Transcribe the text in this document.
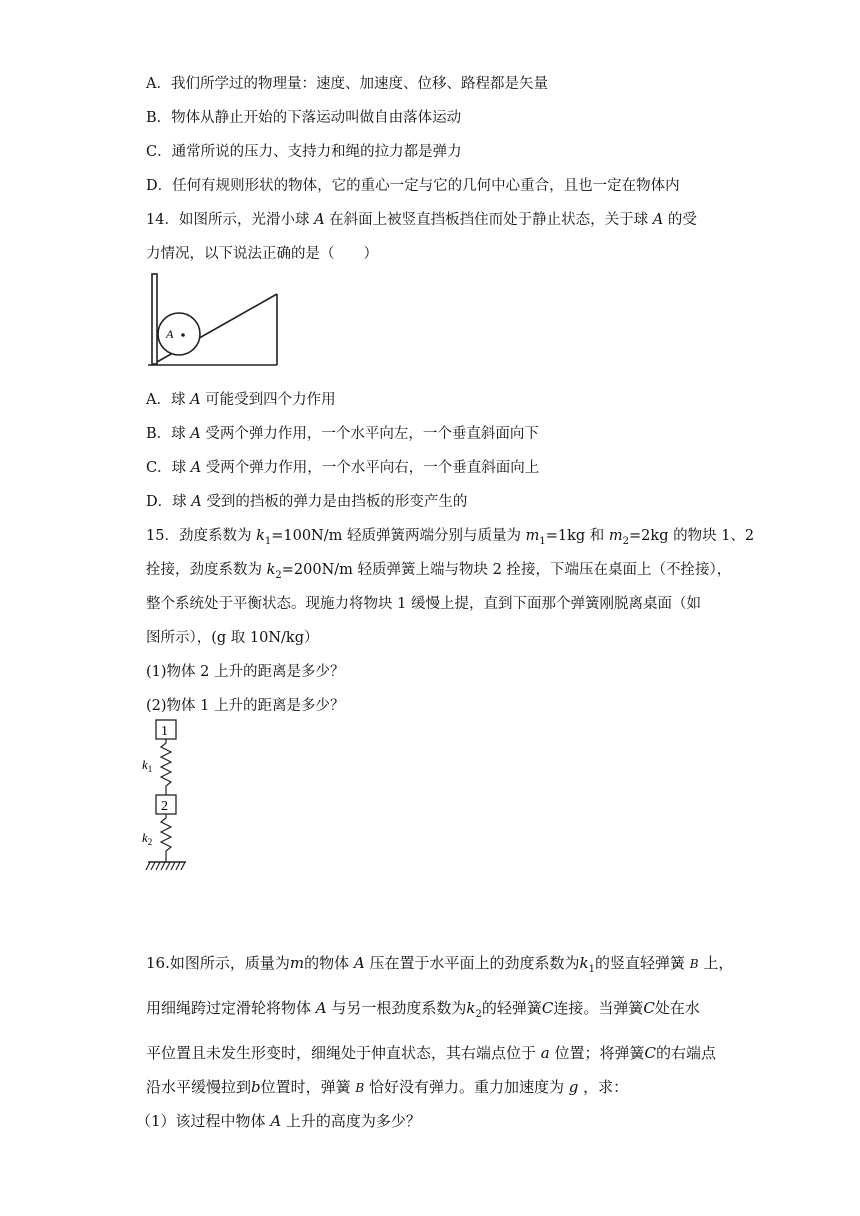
A．我们所学过的物理量：速度、加速度、位移、路程都是矢量
B．物体从静止开始的下落运动叫做自由落体运动
C．通常所说的压力、支持力和绳的拉力都是弹力
D．任何有规则形状的物体，它的重心一定与它的几何中心重合，且也一定在物体内
14．如图所示，光滑小球 A 在斜面上被竖直挡板挡住而处于静止状态，关于球 A 的受
力情况，以下说法正确的是（　　）
A
A．球 A 可能受到四个力作用
B．球 A 受两个弹力作用，一个水平向左，一个垂直斜面向下
C．球 A 受两个弹力作用，一个水平向右，一个垂直斜面向上
D．球 A 受到的挡板的弹力是由挡板的形变产生的
15．劲度系数为 $k_1=100N/m$ 轻质弹簧两端分别与质量为 $m_1=1kg$ 和 $m_2=2kg$ 的物块 1、2
拴接，劲度系数为 $k_2=200N/m$ 轻质弹簧上端与物块 2 拴接，下端压在桌面上（不拴接），
整个系统处于平衡状态。现施力将物块 1 缓慢上提，直到下面那个弹簧刚脱离桌面（如
图所示），(g 取 10N/kg）
(1)物体 2 上升的距离是多少？
(2)物体 1 上升的距离是多少？
1
$k_1$
2
$k_2$
16.如图所示，质量为m的物体 A 压在置于水平面上的劲度系数为$k_1$的竖直轻弹簧 B 上，
用细绳跨过定滑轮将物体 A 与另一根劲度系数为$k_2$的轻弹簧C连接。当弹簧C处在水
平位置且未发生形变时，细绳处于伸直状态，其右端点位于 a 位置；将弹簧C的右端点
沿水平缓慢拉到b位置时，弹簧 B 恰好没有弹力。重力加速度为 g ，求：
（1）该过程中物体 A 上升的高度为多少？
